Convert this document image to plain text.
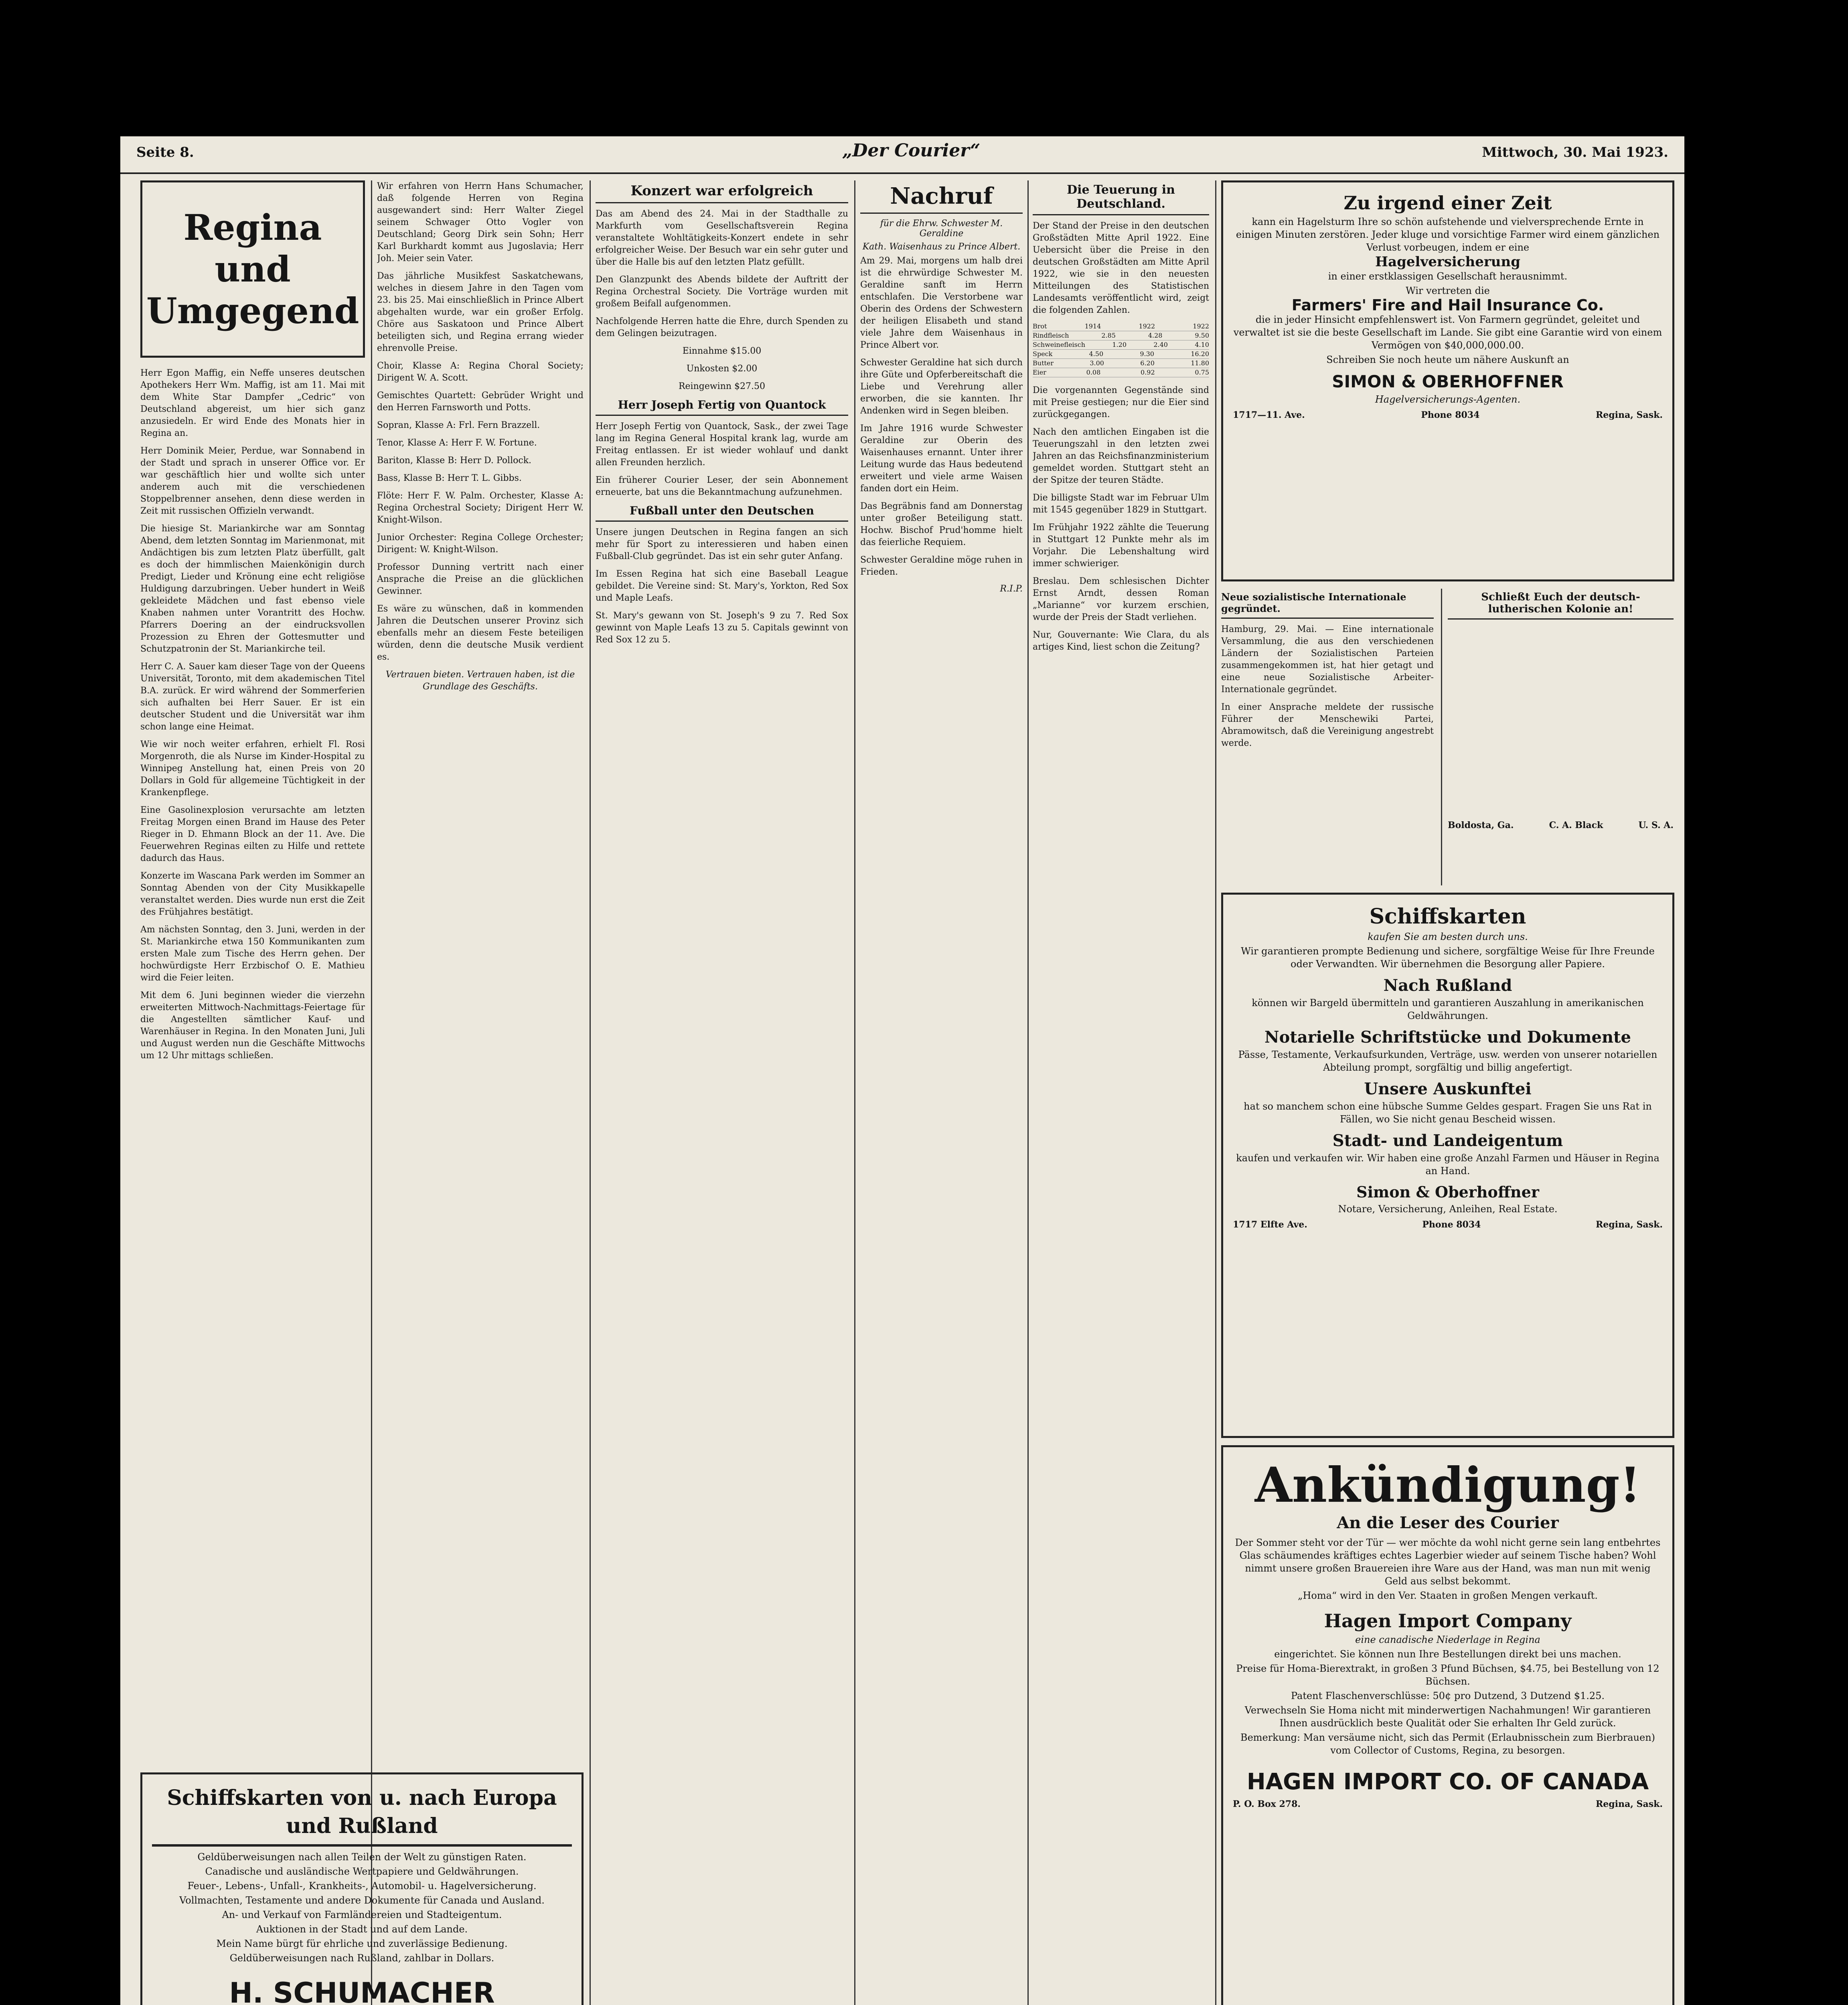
Seite 8.	„Der Courier“	Mittwoch, 30. Mai 1923.
Regina und Umgegend

Herr Egon Maffig, ein Neffe unseres deutschen Apothekers Herr Wm. Maffig, ist am 11. Mai mit dem White Star Dampfer „Cedric“ von Deutschland abgereist, um hier sich ganz anzusiedeln. Er wird Ende des Monats hier in Regina an.

Herr Dominik Meier, Perdue, war Sonnabend in der Stadt und sprach in unserer Office vor. Er war geschäftlich hier und wollte sich unter anderem auch mit die verschiedenen Stoppelbrenner ansehen, denn diese werden in Zeit mit russischen Offizieln verwandt.

Die hiesige St. Mariankirche war am Sonntag Abend, dem letzten Sonntag im Marienmonat, mit Andächtigen bis zum letzten Platz überfüllt, galt es doch der himmlischen Maienkönigin durch Predigt, Lieder und Krönung eine echt religiöse Huldigung darzubringen. Ueber hundert in Weiß gekleidete Mädchen und fast ebenso viele Knaben nahmen unter Vorantritt des Hochw. Pfarrers Doering an der eindrucksvollen Prozession zu Ehren der Gottesmutter und Schutzpatronin der St. Mariankirche teil.

Herr C. A. Sauer kam dieser Tage von der Queens Universität, Toronto, mit dem akademischen Titel B.A. zurück. Er wird während der Sommerferien sich aufhalten bei Herr Sauer. Er ist ein deutscher Student und die Universität war ihm schon lange eine Heimat.

Wie wir noch weiter erfahren, erhielt Fl. Rosi Morgenroth, die als Nurse im Kinder-Hospital zu Winnipeg Anstellung hat, einen Preis von 20 Dollars in Gold für allgemeine Tüchtigkeit in der Krankenpflege.

Eine Gasolinexplosion verursachte am letzten Freitag Morgen einen Brand im Hause des Peter Rieger in D. Ehmann Block an der 11. Ave. Die Feuerwehren Reginas eilten zu Hilfe und rettete dadurch das Haus.

Konzerte im Wascana Park werden im Sommer an Sonntag Abenden von der City Musikkapelle veranstaltet werden. Dies wurde nun erst die Zeit des Frühjahres bestätigt.

Am nächsten Sonntag, den 3. Juni, werden in der St. Mariankirche etwa 150 Kommunikanten zum ersten Male zum Tische des Herrn gehen. Der hochwürdigste Herr Erzbischof O. E. Mathieu wird die Feier leiten.

Mit dem 6. Juni beginnen wieder die vierzehn erweiterten Mittwoch-Nachmittags-Feiertage für die Angestellten sämtlicher Kauf- und Warenhäuser in Regina. In den Monaten Juni, Juli und August werden nun die Geschäfte Mittwochs um 12 Uhr mittags schließen.

Wir erfahren von Herrn Hans Schumacher, daß folgende Herren von Regina ausgewandert sind: Herr Walter Ziegel seinem Schwager Otto Vogler von Deutschland; Georg Dirk sein Sohn; Herr Karl Burkhardt kommt aus Jugoslavia; Herr Joh. Meier sein Vater.

Das jährliche Musikfest Saskatchewans, welches in diesem Jahre in den Tagen vom 23. bis 25. Mai einschließlich in Prince Albert abgehalten wurde, war ein großer Erfolg. Chöre aus Saskatoon und Prince Albert beteiligten sich, und Regina errang wieder ehrenvolle Preise.

Choir, Klasse A: Regina Choral Society; Dirigent W. A. Scott.

Gemischtes Quartett: Gebrüder Wright und den Herren Farnsworth und Potts.

Sopran, Klasse A: Frl. Fern Brazzell.

Tenor, Klasse A: Herr F. W. Fortune.

Bariton, Klasse B: Herr D. Pollock.

Bass, Klasse B: Herr T. L. Gibbs.

Flöte: Herr F. W. Palm. Orchester, Klasse A: Regina Orchestral Society; Dirigent Herr W. Knight-Wilson.

Junior Orchester: Regina College Orchester; Dirigent: W. Knight-Wilson.

Professor Dunning vertritt nach einer Ansprache die Preise an die glücklichen Gewinner.

Es wäre zu wünschen, daß in kommenden Jahren die Deutschen unserer Provinz sich ebenfalls mehr an diesem Feste beteiligen würden, denn die deutsche Musik verdient es.

Vertrauen bieten. Vertrauen haben, ist die Grundlage des Geschäfts.

Schiffskarten von u. nach Europa und Rußland
Geldüberweisungen nach allen Teilen der Welt zu günstigen Raten.
Canadische und ausländische Wertpapiere und Geldwährungen.
Feuer-, Lebens-, Unfall-, Krankheits-, Automobil- u. Hagelversicherung.
Vollmachten, Testamente und andere Dokumente für Canada und Ausland.
An- und Verkauf von Farmländereien und Stadteigentum.
Auktionen in der Stadt und auf dem Lande.
Mein Name bürgt für ehrliche und zuverlässige Bedienung.
Geldüberweisungen nach Rußland, zahlbar in Dollars.
H. SCHUMACHER
Konzert war erfolgreich

Das am Abend des 24. Mai in der Stadthalle zu Markfurth vom Gesellschaftsverein Regina veranstaltete Wohltätigkeits-Konzert endete in sehr erfolgreicher Weise. Der Besuch war ein sehr guter und über die Halle bis auf den letzten Platz gefüllt.

Den Glanzpunkt des Abends bildete der Auftritt der Regina Orchestral Society. Die Vorträge wurden mit großem Beifall aufgenommen.

Nachfolgende Herren hatte die Ehre, durch Spenden zu dem Gelingen beizutragen.

Einnahme $15.00

Unkosten $2.00

Reingewinn $27.50

Herr Joseph Fertig von Quantock

Herr Joseph Fertig von Quantock, Sask., der zwei Tage lang im Regina General Hospital krank lag, wurde am Freitag entlassen. Er ist wieder wohlauf und dankt allen Freunden herzlich.

Ein früherer Courier Leser, der sein Abonnement erneuerte, bat uns die Bekanntmachung aufzunehmen.

Fußball unter den Deutschen

Unsere jungen Deutschen in Regina fangen an sich mehr für Sport zu interessieren und haben einen Fußball-Club gegründet. Das ist ein sehr guter Anfang.

Im Essen Regina hat sich eine Baseball League gebildet. Die Vereine sind: St. Mary's, Yorkton, Red Sox und Maple Leafs.

St. Mary's gewann von St. Joseph's 9 zu 7. Red Sox gewinnt von Maple Leafs 13 zu 5. Capitals gewinnt von Red Sox 12 zu 5.

Nachruf
für die Ehrw. Schwester M. Geraldine
Kath. Waisenhaus zu Prince Albert.

Am 29. Mai, morgens um halb drei ist die ehrwürdige Schwester M. Geraldine sanft im Herrn entschlafen. Die Verstorbene war Oberin des Ordens der Schwestern der heiligen Elisabeth und stand viele Jahre dem Waisenhaus in Prince Albert vor.

Schwester Geraldine hat sich durch ihre Güte und Opferbereitschaft die Liebe und Verehrung aller erworben, die sie kannten. Ihr Andenken wird in Segen bleiben.

Im Jahre 1916 wurde Schwester Geraldine zur Oberin des Waisenhauses ernannt. Unter ihrer Leitung wurde das Haus bedeutend erweitert und viele arme Waisen fanden dort ein Heim.

Das Begräbnis fand am Donnerstag unter großer Beteiligung statt. Hochw. Bischof Prud'homme hielt das feierliche Requiem.

Schwester Geraldine möge ruhen in Frieden.

R.I.P.
Die Teuerung in Deutschland.

Der Stand der Preise in den deutschen Großstädten Mitte April 1922. Eine Uebersicht über die Preise in den deutschen Großstädten am Mitte April 1922, wie sie in den neuesten Mitteilungen des Statistischen Landesamts veröffentlicht wird, zeigt die folgenden Zahlen.

Brot	1914	1922	1922
Rindfleisch	2.85	4.28	9.50
Schweinefleisch	1.20	2.40	4.10
Speck	4.50	9.30	16.20
Butter	3.00	6.20	11.80
Eier	0.08	0.92	0.75

Die vorgenannten Gegenstände sind mit Preise gestiegen; nur die Eier sind zurückgegangen.

Nach den amtlichen Eingaben ist die Teuerungszahl in den letzten zwei Jahren an das Reichsfinanzministerium gemeldet worden. Stuttgart steht an der Spitze der teuren Städte.

Die billigste Stadt war im Februar Ulm mit 1545 gegenüber 1829 in Stuttgart.

Im Frühjahr 1922 zählte die Teuerung in Stuttgart 12 Punkte mehr als im Vorjahr. Die Lebenshaltung wird immer schwieriger.

Breslau. Dem schlesischen Dichter Ernst Arndt, dessen Roman „Marianne“ vor kurzem erschien, wurde der Preis der Stadt verliehen.

Nur, Gouvernante: Wie Clara, du als artiges Kind, liest schon die Zeitung?

Zu irgend einer Zeit
kann ein Hagelsturm Ihre so schön aufstehende und vielversprechende Ernte in einigen Minuten zerstören. Jeder kluge und vorsichtige Farmer wird einem gänzlichen Verlust vorbeugen, indem er eine
Hagelversicherung
in einer erstklassigen Gesellschaft herausnimmt.
Wir vertreten die
Farmers' Fire and Hail Insurance Co.
die in jeder Hinsicht empfehlenswert ist. Von Farmern gegründet, geleitet und verwaltet ist sie die beste Gesellschaft im Lande. Sie gibt eine Garantie wird von einem Vermögen von $40,000,000.00.
Schreiben Sie noch heute um nähere Auskunft an
SIMON & OBERHOFFNER
Hagelversicherungs-Agenten.
1717—11. Ave.	Phone 8034	Regina, Sask.
Neue sozialistische Internationale gegründet.

Hamburg, 29. Mai. — Eine internationale Versammlung, die aus den verschiedenen Ländern der Sozialistischen Parteien zusammengekommen ist, hat hier getagt und eine neue Sozialistische Arbeiter-Internationale gegründet.

In einer Ansprache meldete der russische Führer der Menschewiki Partei, Abramowitsch, daß die Vereinigung angestrebt werde.

Schließt Euch der deutsch-lutherischen Kolonie an!
Boldosta, Ga.	C. A. Black	U. S. A.
Schiffskarten
kaufen Sie am besten durch uns.
Wir garantieren prompte Bedienung und sichere, sorgfältige Weise für Ihre Freunde oder Verwandten. Wir übernehmen die Besorgung aller Papiere.
Nach Rußland
können wir Bargeld übermitteln und garantieren Auszahlung in amerikanischen Geldwährungen.
Notarielle Schriftstücke und Dokumente
Pässe, Testamente, Verkaufsurkunden, Verträge, usw. werden von unserer notariellen Abteilung prompt, sorgfältig und billig angefertigt.
Unsere Auskunftei
hat so manchem schon eine hübsche Summe Geldes gespart. Fragen Sie uns Rat in Fällen, wo Sie nicht genau Bescheid wissen.
Stadt- und Landeigentum
kaufen und verkaufen wir. Wir haben eine große Anzahl Farmen und Häuser in Regina an Hand.
Simon & Oberhoffner
Notare, Versicherung, Anleihen, Real Estate.
1717 Elfte Ave.	Phone 8034	Regina, Sask.
Ankündigung!
An die Leser des Courier
Der Sommer steht vor der Tür — wer möchte da wohl nicht gerne sein lang entbehrtes Glas schäumendes kräftiges echtes Lagerbier wieder auf seinem Tische haben? Wohl nimmt unsere großen Brauereien ihre Ware aus der Hand, was man nun mit wenig Geld aus selbst bekommt.
„Homa“ wird in den Ver. Staaten in großen Mengen verkauft.
Hagen Import Company
eine canadische Niederlage in Regina
eingerichtet. Sie können nun Ihre Bestellungen direkt bei uns machen.
Preise für Homa-Bierextrakt, in großen 3 Pfund Büchsen, $4.75, bei Bestellung von 12 Büchsen.
Patent Flaschenverschlüsse: 50¢ pro Dutzend, 3 Dutzend $1.25.
Verwechseln Sie Homa nicht mit minderwertigen Nachahmungen! Wir garantieren Ihnen ausdrücklich beste Qualität oder Sie erhalten Ihr Geld zurück.
Bemerkung: Man versäume nicht, sich das Permit (Erlaubnisschein zum Bierbrauen) vom Collector of Customs, Regina, zu besorgen.
HAGEN IMPORT CO. OF CANADA
P. O. Box 278.	Regina, Sask.
